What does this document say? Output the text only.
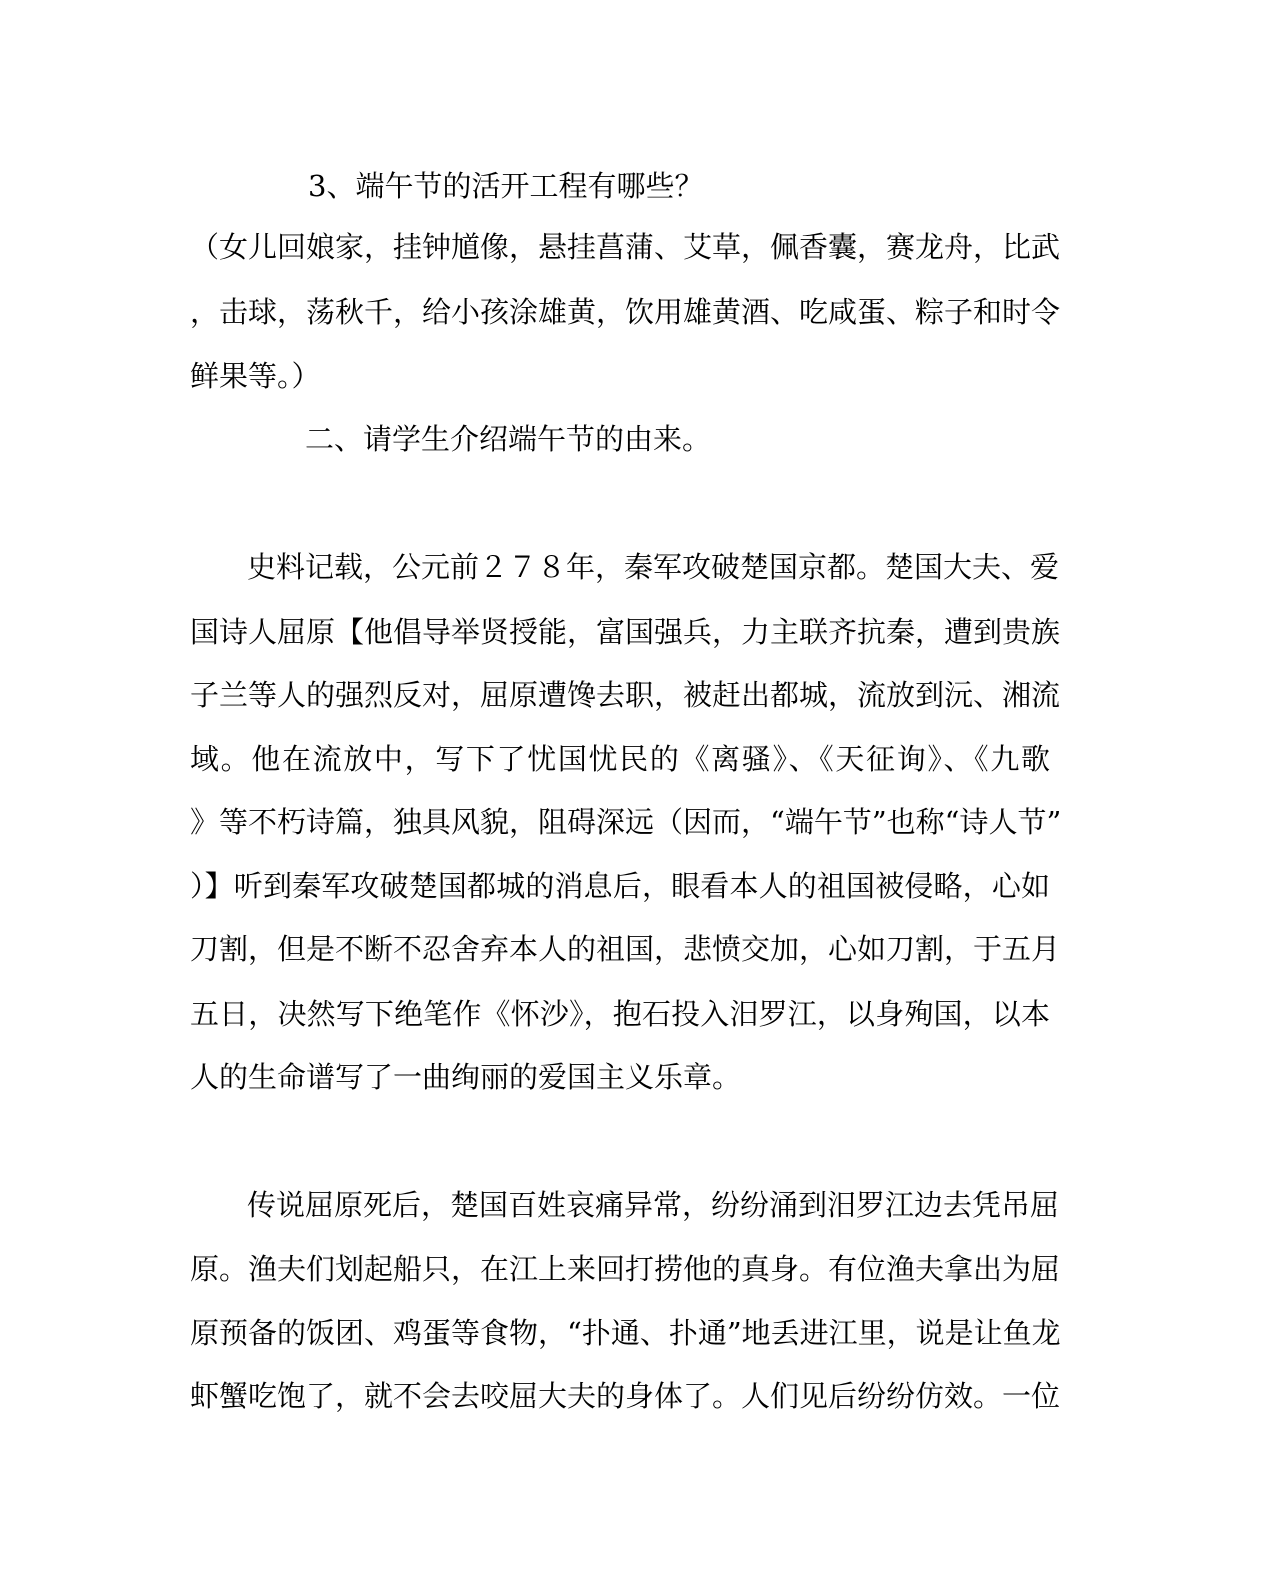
3、端午节的活开工程有哪些？
（女儿回娘家，挂钟馗像，悬挂菖蒲、艾草，佩香囊，赛龙舟，比武
，击球，荡秋千，给小孩涂雄黄，饮用雄黄酒、吃咸蛋、粽子和时令
鲜果等。）
二、请学生介绍端午节的由来。
史料记载，公元前２７８年，秦军攻破楚国京都。楚国大夫、爱
国诗人屈原【他倡导举贤授能，富国强兵，力主联齐抗秦，遭到贵族
子兰等人的强烈反对，屈原遭馋去职，被赶出都城，流放到沅、湘流
域。他在流放中，写下了忧国忧民的《离骚》、《天征询》、《九歌
》等不朽诗篇，独具风貌，阻碍深远（因而，“端午节”也称“诗人节”
）】听到秦军攻破楚国都城的消息后，眼看本人的祖国被侵略，心如
刀割，但是不断不忍舍弃本人的祖国，悲愤交加，心如刀割，于五月
五日，决然写下绝笔作《怀沙》，抱石投入汨罗江，以身殉国，以本
人的生命谱写了一曲绚丽的爱国主义乐章。
传说屈原死后，楚国百姓哀痛异常，纷纷涌到汨罗江边去凭吊屈
原。渔夫们划起船只，在江上来回打捞他的真身。有位渔夫拿出为屈
原预备的饭团、鸡蛋等食物，“扑通、扑通”地丢进江里，说是让鱼龙
虾蟹吃饱了，就不会去咬屈大夫的身体了。人们见后纷纷仿效。一位
